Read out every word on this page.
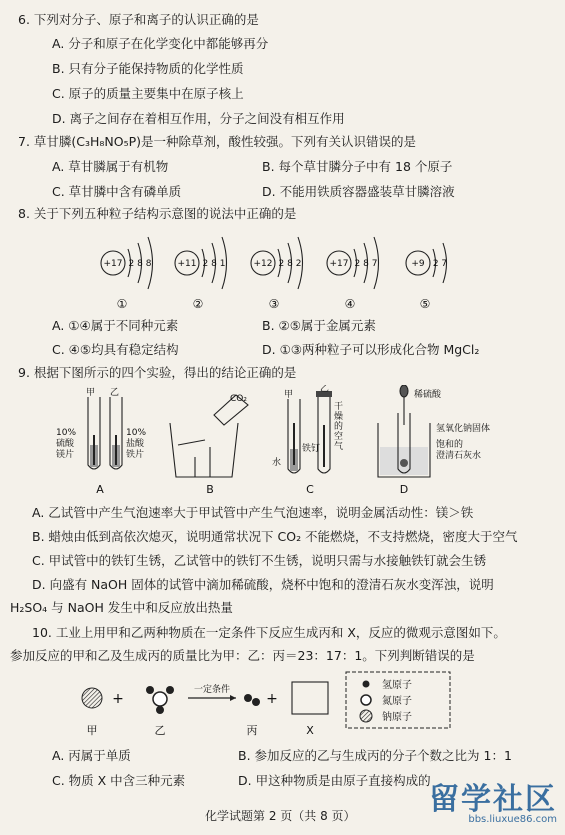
6. 下列对分子、原子和离子的认识正确的是
A. 分子和原子在化学变化中都能够再分
B. 只有分子能保持物质的化学性质
C. 原子的质量主要集中在原子核上
D. 离子之间存在着相互作用，分子之间没有相互作用
7. 草甘膦(C₃H₈NO₅P)是一种除草剂，酸性较强。下列有关认识错误的是
A. 草甘膦属于有机物	B. 每个草甘膦分子中有 18 个原子
C. 草甘膦中含有磷单质	D. 不能用铁质容器盛装草甘膦溶液
8. 关于下列五种粒子结构示意图的说法中正确的是
+17 2 8 8	+11 2 8 1	+12 2 8 2	+17 2 8 7	+9 2 7
①	②	③	④	⑤
A. ①④属于不同种元素	B. ②⑤属于金属元素
C. ④⑤均具有稳定结构	D. ①③两种粒子可以形成化合物 MgCl₂
9. 根据下图所示的四个实验，得出的结论正确的是
甲 乙
10%
硫酸
镁片
10%
盐酸
铁片
CO₂	甲
乙
干
燥
的
空
气
铁钉
水
稀硫酸
氢氧化钠固体
饱和的
澄清石灰水
A	B	C	D
A. 乙试管中产生气泡速率大于甲试管中产生气泡速率，说明金属活动性：镁＞铁
B. 蜡烛由低到高依次熄灭，说明通常状况下 CO₂ 不能燃烧，不支持燃烧，密度大于空气
C. 甲试管中的铁钉生锈，乙试管中的铁钉不生锈，说明只需与水接触铁钉就会生锈
D. 向盛有 NaOH 固体的试管中滴加稀硫酸，烧杯中饱和的澄清石灰水变浑浊，说明
H₂SO₄ 与 NaOH 发生中和反应放出热量
10. 工业上用甲和乙两种物质在一定条件下反应生成丙和 X，反应的微观示意图如下。
参加反应的甲和乙及生成丙的质量比为甲：乙：丙＝23：17：1。下列判断错误的是
氢原子
氮原子
钠原子
+	+
一定条件
甲	乙	丙	X
A. 丙属于单质	B. 参加反应的乙与生成丙的分子个数之比为 1：1
C. 物质 X 中含三种元素	D. 甲这种物质是由原子直接构成的
化学试题第 2 页（共 8 页） 留学社区
bbs.liuxue86.com
